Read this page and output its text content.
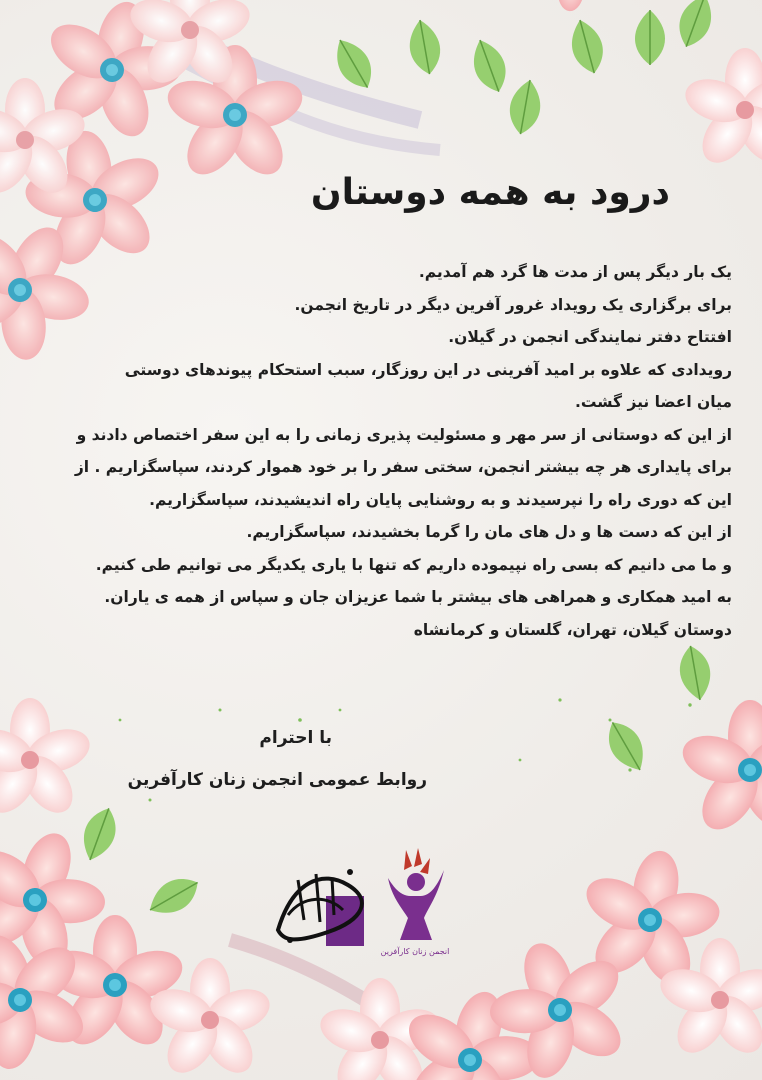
درود به همه دوستان
یک بار دیگر پس از مدت ها گرد هم آمدیم.
برای برگزاری یک رویداد غرور آفرین دیگر در تاریخ انجمن.
افتتاح دفتر نمایندگی انجمن در گیلان.
رویدادی که علاوه بر امید آفرینی در این روزگار، سبب استحکام پیوندهای دوستی
میان اعضا نیز گشت.
از این که دوستانی از سر مهر و مسئولیت پذیری زمانی را به این سفر اختصاص دادند و
برای پایداری هر چه بیشتر انجمن، سختی سفر را بر خود هموار کردند، سپاسگزاریم . از
این که دوری راه را نپرسیدند و به روشنایی پایان راه اندیشیدند، سپاسگزاریم.
از این که دست ها و دل های مان را گرما بخشیدند، سپاسگزاریم.
و ما می دانیم که بسی راه نپیموده داریم که تنها با یاری یکدیگر می توانیم طی کنیم.
به امید همکاری و همراهی های بیشتر با شما عزیزان جان و سپاس از همه ی یاران.
دوستان گیلان، تهران، گلستان و کرمانشاه
با احترام
روابط عمومی انجمن زنان کارآفرین
انجمن زنان کارآفرین
